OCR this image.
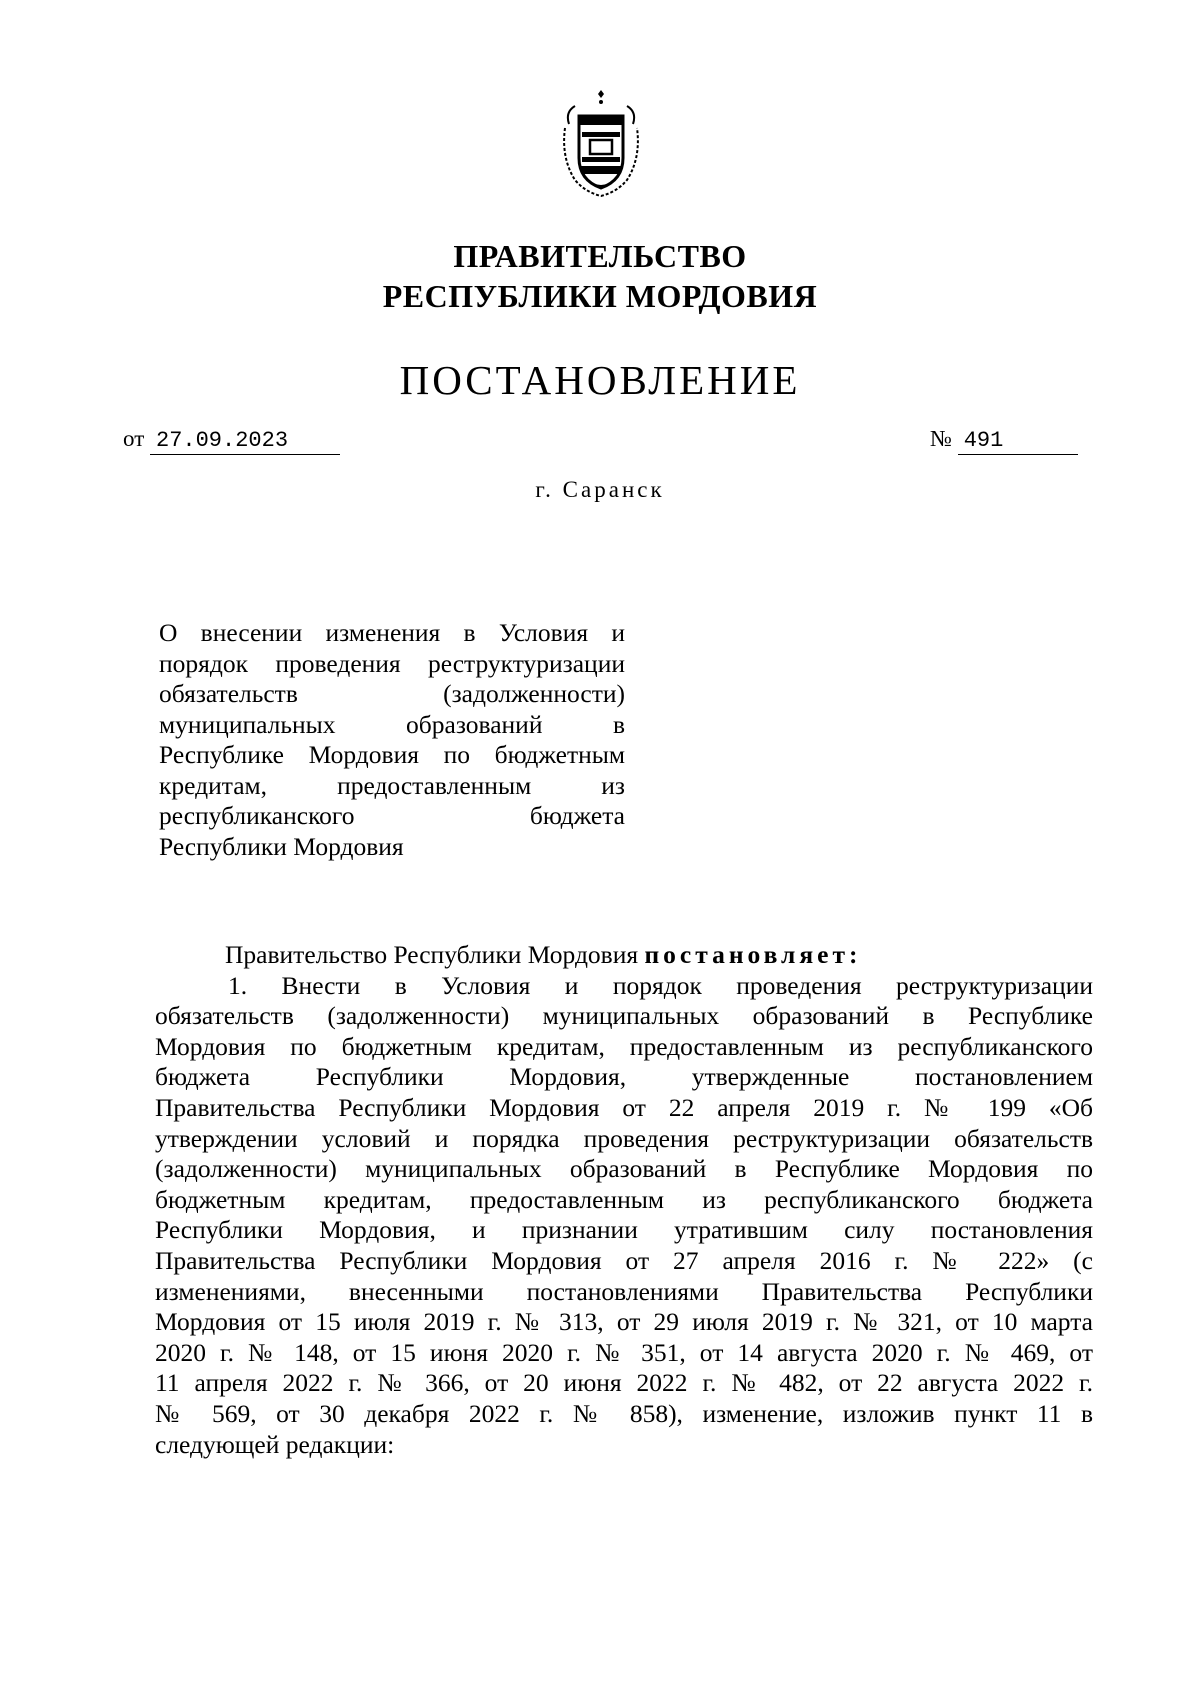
ПРАВИТЕЛЬСТВО
РЕСПУБЛИКИ МОРДОВИЯ
ПОСТАНОВЛЕНИЕ
от 27.09.2023	№ 491
г. Саранск
О внесении изменения в Условия и
порядок проведения реструктуризации
обязательств (задолженности)
муниципальных образований в
Республике Мордовия по бюджетным
кредитам, предоставленным из
республиканского бюджета
Республики Мордовия
Правительство Республики Мордовия постановляет:
1. Внести в Условия и порядок проведения реструктуризации
обязательств (задолженности) муниципальных образований в Республике
Мордовия по бюджетным кредитам, предоставленным из республиканского
бюджета Республики Мордовия, утвержденные постановлением
Правительства Республики Мордовия от 22 апреля 2019 г. № 199 «Об
утверждении условий и порядка проведения реструктуризации обязательств
(задолженности) муниципальных образований в Республике Мордовия по
бюджетным кредитам, предоставленным из республиканского бюджета
Республики Мордовия, и признании утратившим силу постановления
Правительства Республики Мордовия от 27 апреля 2016 г. № 222» (с
изменениями, внесенными постановлениями Правительства Республики
Мордовия от 15 июля 2019 г. № 313, от 29 июля 2019 г. № 321, от 10 марта
2020 г. № 148, от 15 июня 2020 г. № 351, от 14 августа 2020 г. № 469, от
11 апреля 2022 г. № 366, от 20 июня 2022 г. № 482, от 22 августа 2022 г.
№ 569, от 30 декабря 2022 г. № 858), изменение, изложив пункт 11 в
следующей редакции:
